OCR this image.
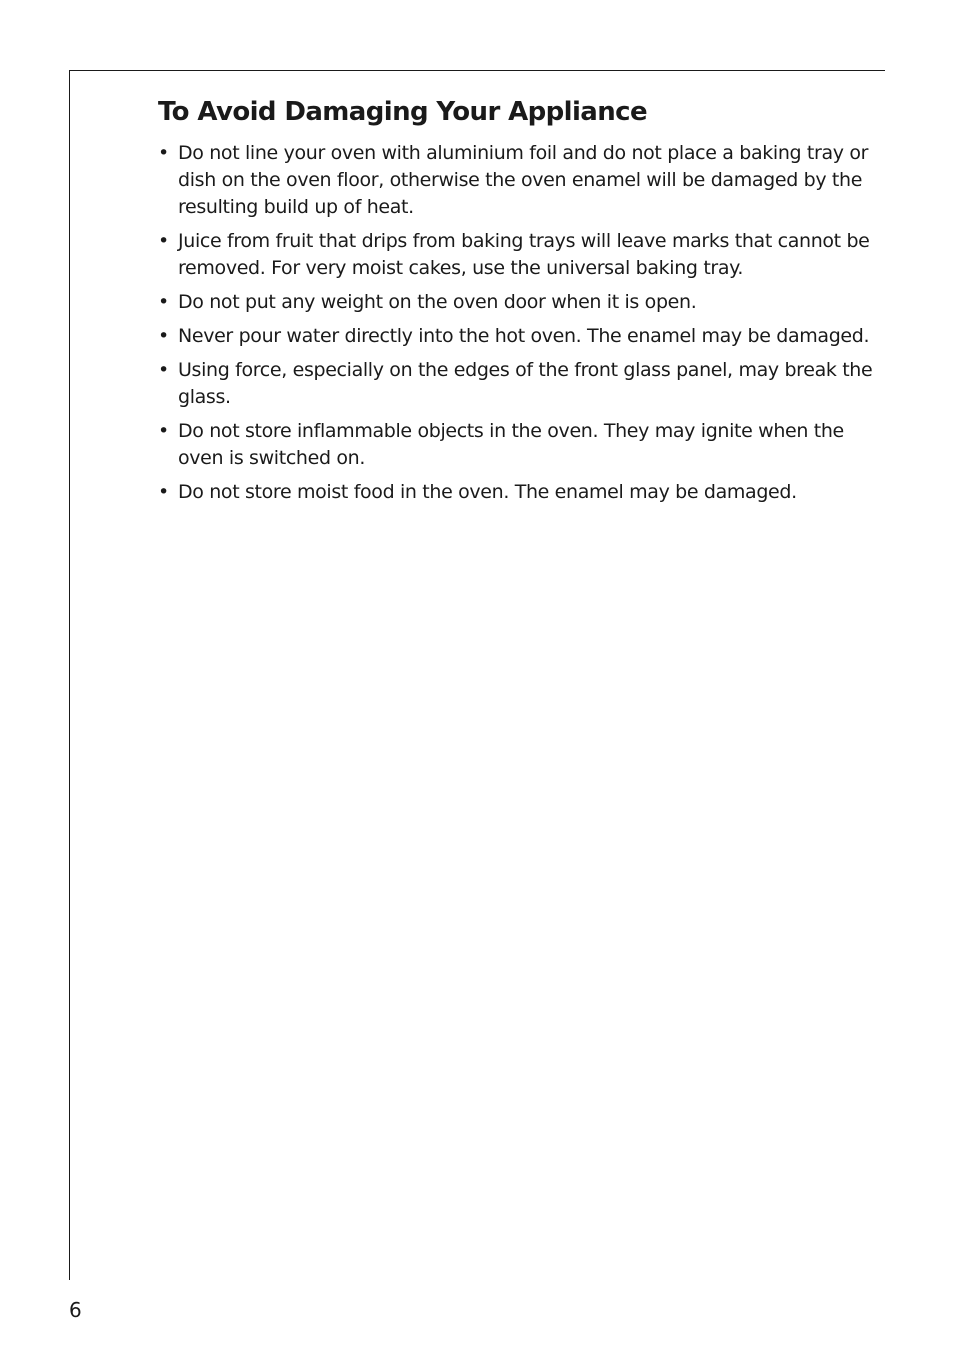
To Avoid Damaging Your Appliance
• Do not line your oven with aluminium foil and do not place a baking tray or dish on the oven floor, otherwise the oven enamel will be damaged by the resulting build up of heat.
• Juice from fruit that drips from baking trays will leave marks that cannot be removed. For very moist cakes, use the universal baking tray.
• Do not put any weight on the oven door when it is open.
• Never pour water directly into the hot oven. The enamel may be damaged.
• Using force, especially on the edges of the front glass panel, may break the glass.
• Do not store inflammable objects in the oven. They may ignite when the oven is switched on.
• Do not store moist food in the oven. The enamel may be damaged.
6
